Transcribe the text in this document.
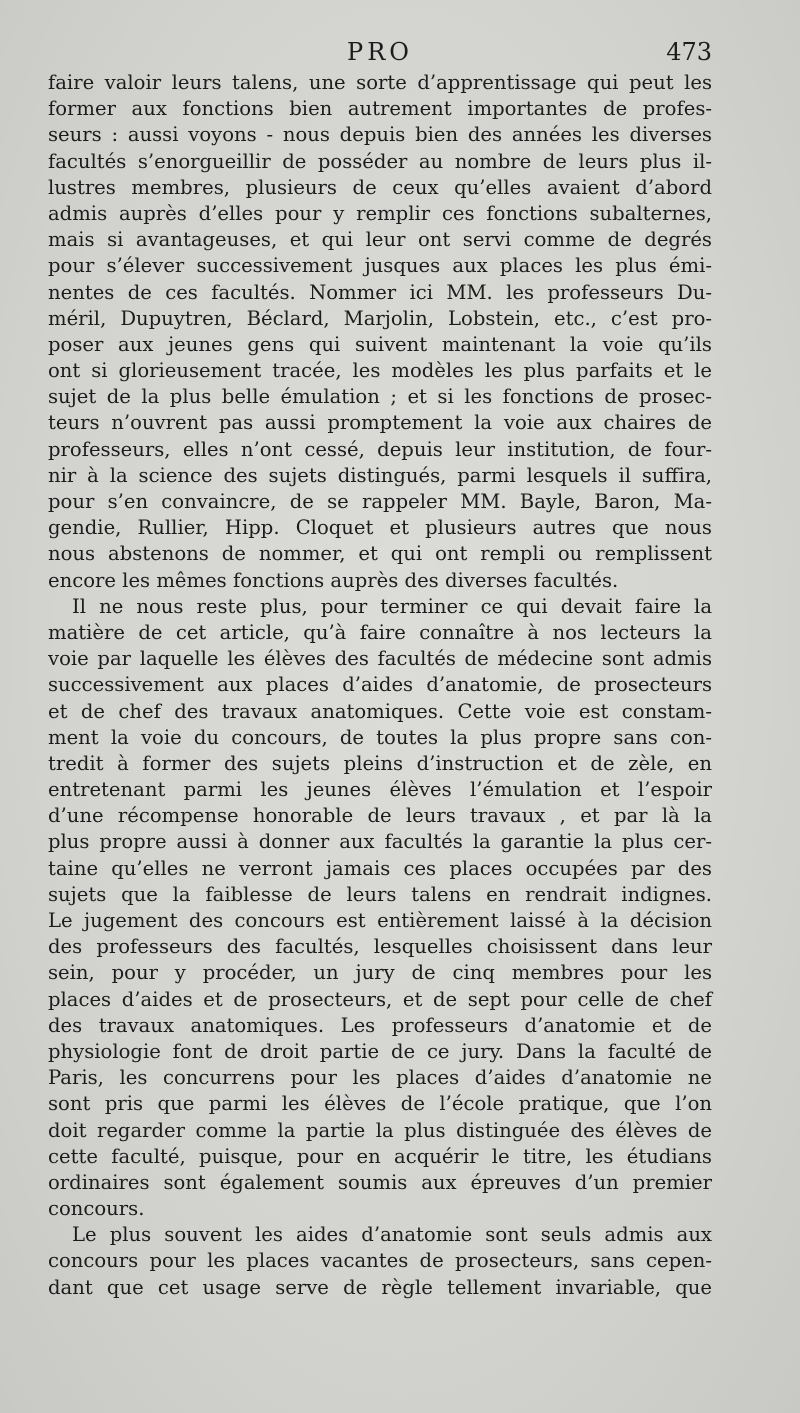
PRO	473
faire valoir leurs talens, une sorte d’apprentissage qui peut les
former aux fonctions bien autrement importantes de profes-
seurs : aussi voyons - nous depuis bien des années les diverses
facultés s’enorgueillir de posséder au nombre de leurs plus il-
lustres membres, plusieurs de ceux qu’elles avaient d’abord
admis auprès d’elles pour y remplir ces fonctions subalternes,
mais si avantageuses, et qui leur ont servi comme de degrés
pour s’élever successivement jusques aux places les plus émi-
nentes de ces facultés. Nommer ici MM. les professeurs Du-
méril, Dupuytren, Béclard, Marjolin, Lobstein, etc., c’est pro-
poser aux jeunes gens qui suivent maintenant la voie qu’ils
ont si glorieusement tracée, les modèles les plus parfaits et le
sujet de la plus belle émulation ; et si les fonctions de prosec-
teurs n’ouvrent pas aussi promptement la voie aux chaires de
professeurs, elles n’ont cessé, depuis leur institution, de four-
nir à la science des sujets distingués, parmi lesquels il suffira,
pour s’en convaincre, de se rappeler MM. Bayle, Baron, Ma-
gendie, Rullier, Hipp. Cloquet et plusieurs autres que nous
nous abstenons de nommer, et qui ont rempli ou remplissent
encore les mêmes fonctions auprès des diverses facultés.
Il ne nous reste plus, pour terminer ce qui devait faire la
matière de cet article, qu’à faire connaître à nos lecteurs la
voie par laquelle les élèves des facultés de médecine sont admis
successivement aux places d’aides d’anatomie, de prosecteurs
et de chef des travaux anatomiques. Cette voie est constam-
ment la voie du concours, de toutes la plus propre sans con-
tredit à former des sujets pleins d’instruction et de zèle, en
entretenant parmi les jeunes élèves l’émulation et l’espoir
d’une récompense honorable de leurs travaux , et par là la
plus propre aussi à donner aux facultés la garantie la plus cer-
taine qu’elles ne verront jamais ces places occupées par des
sujets que la faiblesse de leurs talens en rendrait indignes.
Le jugement des concours est entièrement laissé à la décision
des professeurs des facultés, lesquelles choisissent dans leur
sein, pour y procéder, un jury de cinq membres pour les
places d’aides et de prosecteurs, et de sept pour celle de chef
des travaux anatomiques. Les professeurs d’anatomie et de
physiologie font de droit partie de ce jury. Dans la faculté de
Paris, les concurrens pour les places d’aides d’anatomie ne
sont pris que parmi les élèves de l’école pratique, que l’on
doit regarder comme la partie la plus distinguée des élèves de
cette faculté, puisque, pour en acquérir le titre, les étudians
ordinaires sont également soumis aux épreuves d’un premier
concours.
Le plus souvent les aides d’anatomie sont seuls admis aux
concours pour les places vacantes de prosecteurs, sans cepen-
dant que cet usage serve de règle tellement invariable, que
